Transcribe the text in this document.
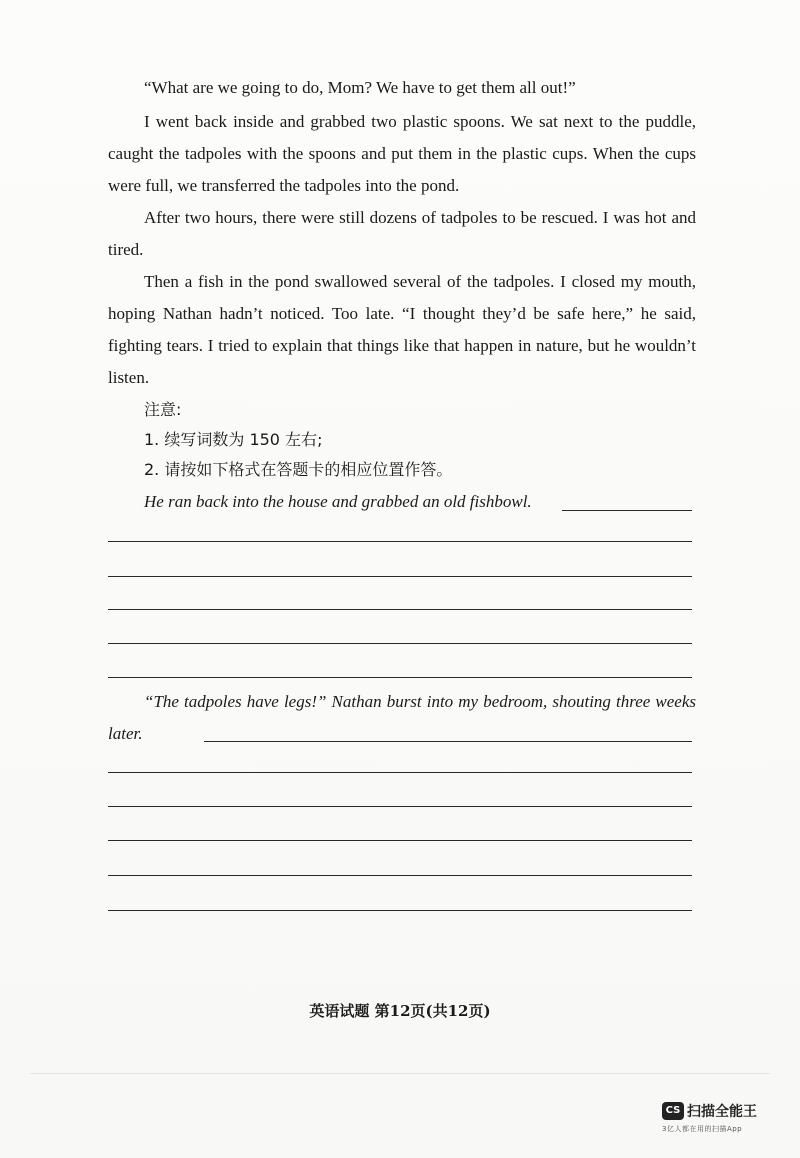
“What are we going to do, Mom? We have to get them all out!”

I went back inside and grabbed two plastic spoons. We sat next to the puddle, caught the tadpoles with the spoons and put them in the plastic cups. When the cups were full, we transferred the tadpoles into the pond.

After two hours, there were still dozens of tadpoles to be rescued. I was hot and tired.

Then a fish in the pond swallowed several of the tadpoles. I closed my mouth, hoping Nathan hadn’t noticed. Too late. “I thought they’d be safe here,” he said, fighting tears. I tried to explain that things like that happen in nature, but he wouldn’t listen.

注意:
1. 续写词数为 150 左右;
2. 请按如下格式在答题卡的相应位置作答。

He ran back into the house and grabbed an old fishbowl.

“The tadpoles have legs!” Nathan burst into my bedroom, shouting three weeks later.

英语试题 第12页(共12页)
CS 扫描全能王
3亿人都在用的扫描App
